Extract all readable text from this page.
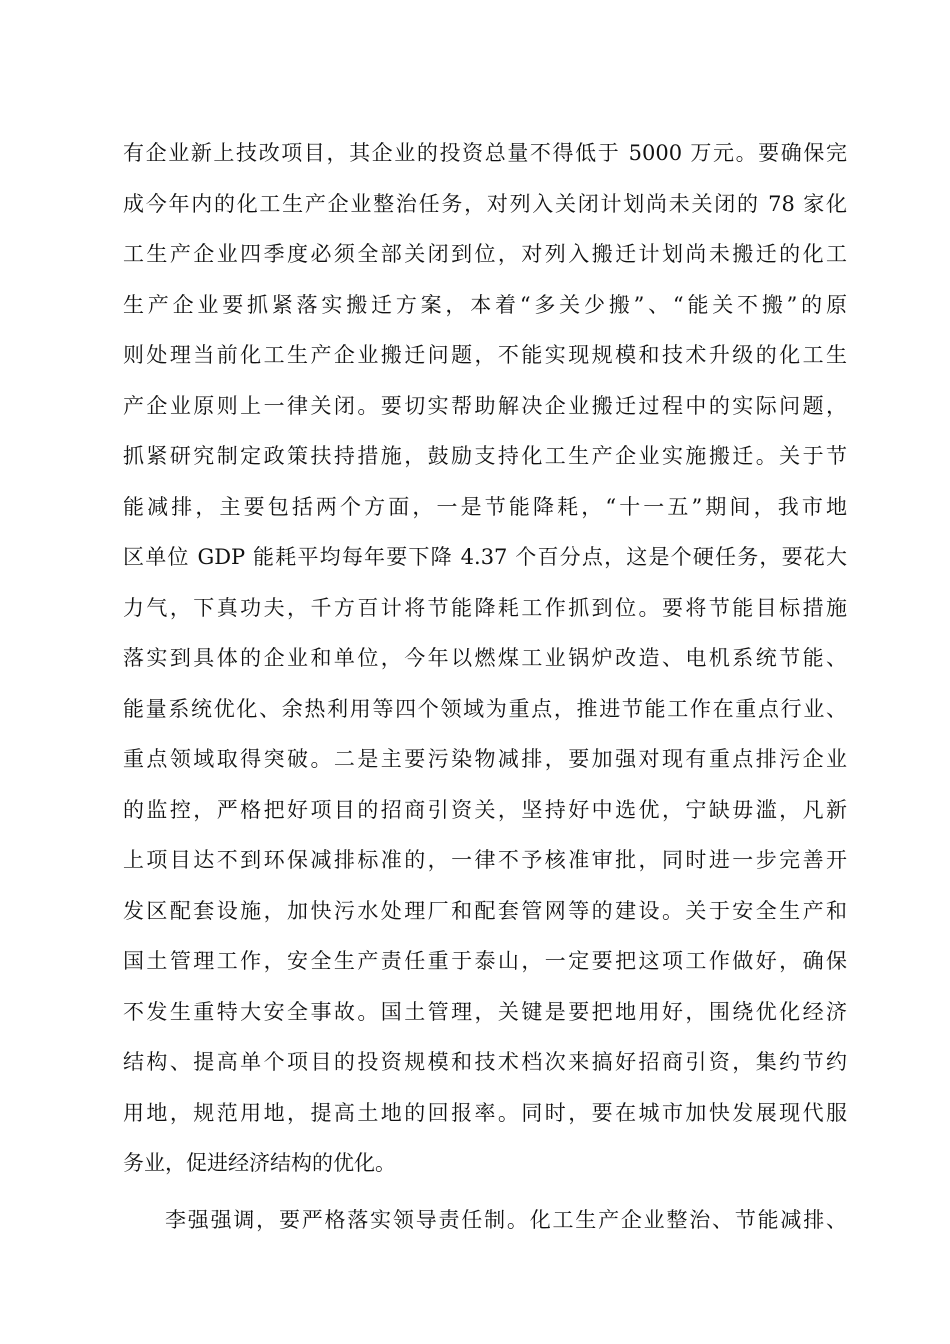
有企业新上技改项目，其企业的投资总量不得低于 5000 万元。要确保完
成今年内的化工生产企业整治任务，对列入关闭计划尚未关闭的 78 家化
工生产企业四季度必须全部关闭到位，对列入搬迁计划尚未搬迁的化工
生产企业要抓紧落实搬迁方案，本着“多关少搬”、“能关不搬”的原
则处理当前化工生产企业搬迁问题，不能实现规模和技术升级的化工生
产企业原则上一律关闭。要切实帮助解决企业搬迁过程中的实际问题，
抓紧研究制定政策扶持措施，鼓励支持化工生产企业实施搬迁。关于节
能减排，主要包括两个方面，一是节能降耗，“十一五”期间，我市地
区单位 GDP 能耗平均每年要下降 4.37 个百分点，这是个硬任务，要花大
力气，下真功夫，千方百计将节能降耗工作抓到位。要将节能目标措施
落实到具体的企业和单位，今年以燃煤工业锅炉改造、电机系统节能、
能量系统优化、余热利用等四个领域为重点，推进节能工作在重点行业、
重点领域取得突破。二是主要污染物减排，要加强对现有重点排污企业
的监控，严格把好项目的招商引资关，坚持好中选优，宁缺毋滥，凡新
上项目达不到环保减排标准的，一律不予核准审批，同时进一步完善开
发区配套设施，加快污水处理厂和配套管网等的建设。关于安全生产和
国土管理工作，安全生产责任重于泰山，一定要把这项工作做好，确保
不发生重特大安全事故。国土管理，关键是要把地用好，围绕优化经济
结构、提高单个项目的投资规模和技术档次来搞好招商引资，集约节约
用地，规范用地，提高土地的回报率。同时，要在城市加快发展现代服
务业，促进经济结构的优化。
李强强调，要严格落实领导责任制。化工生产企业整治、节能减排、
